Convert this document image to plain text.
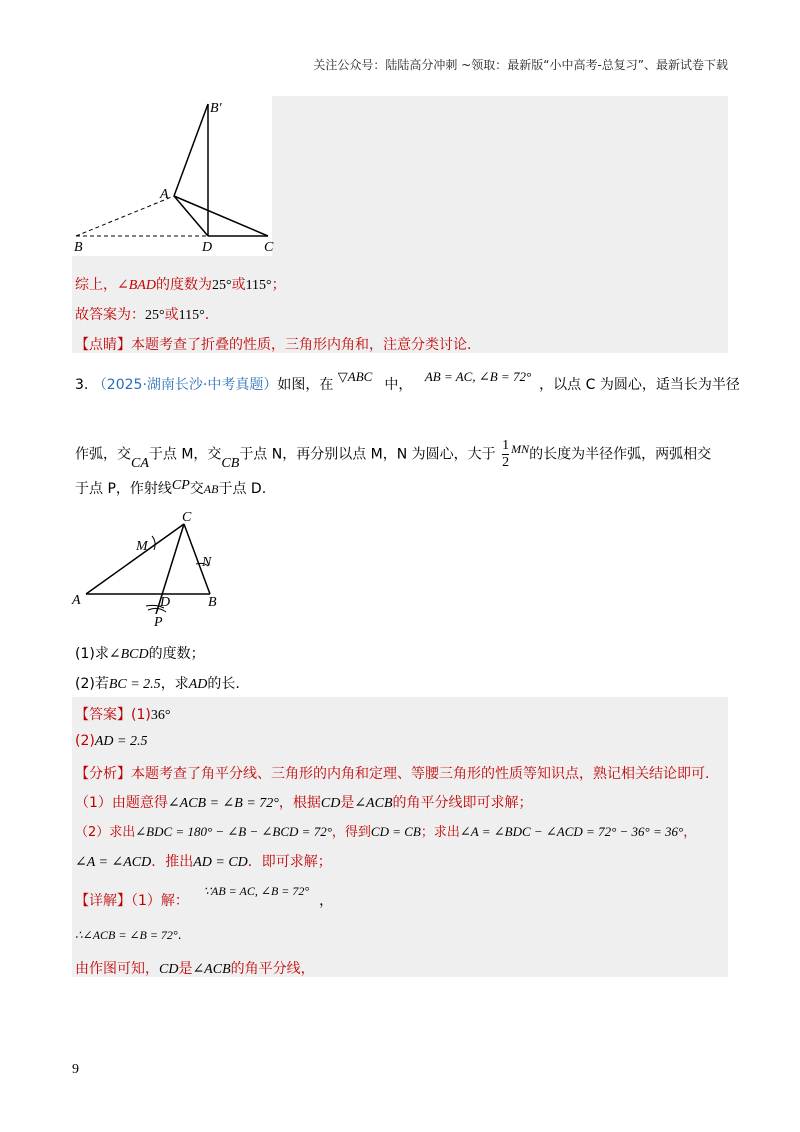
关注公众号：陆陆高分冲刺 ~领取：最新版“小中高考-总复习”、最新试卷下载
B′
A
B	D	C
综上，∠BAD的度数为25°或115°；
故答案为：25°或115°.
【点睛】本题考查了折叠的性质，三角形内角和，注意分类讨论.
3. （2025·湖南长沙·中考真题）如图，在 ▽ABC中， AB = AC, ∠B = 72°，以点 C 为圆心，适当长为半径
作弧，交CA于点 M，交CB于点 N，再分别以点 M，N 为圆心，大于 $\frac{1}{2}$ MN的长度为半径作弧，两弧相交
于点 P，作射线CP交AB于点 D.
C
M
N
A	D	B
P
(1)求∠BCD的度数；
(2)若BC = 2.5，求AD的长.
【答案】(1)36°
(2)AD = 2.5
【分析】本题考查了角平分线、三角形的内角和定理、等腰三角形的性质等知识点，熟记相关结论即可.
（1）由题意得∠ACB = ∠B = 72°，根据CD是∠ACB的角平分线即可求解；
（2）求出∠BDC = 180° − ∠B − ∠BCD = 72°，得到CD = CB；求出∠A = ∠BDC − ∠ACD = 72° − 36° = 36°，
∠A = ∠ACD．推出AD = CD．即可求解；
【详解】（1）解： ∵AB = AC, ∠B = 72°，
∴∠ACB = ∠B = 72°.
由作图可知，CD是∠ACB的角平分线，
9
